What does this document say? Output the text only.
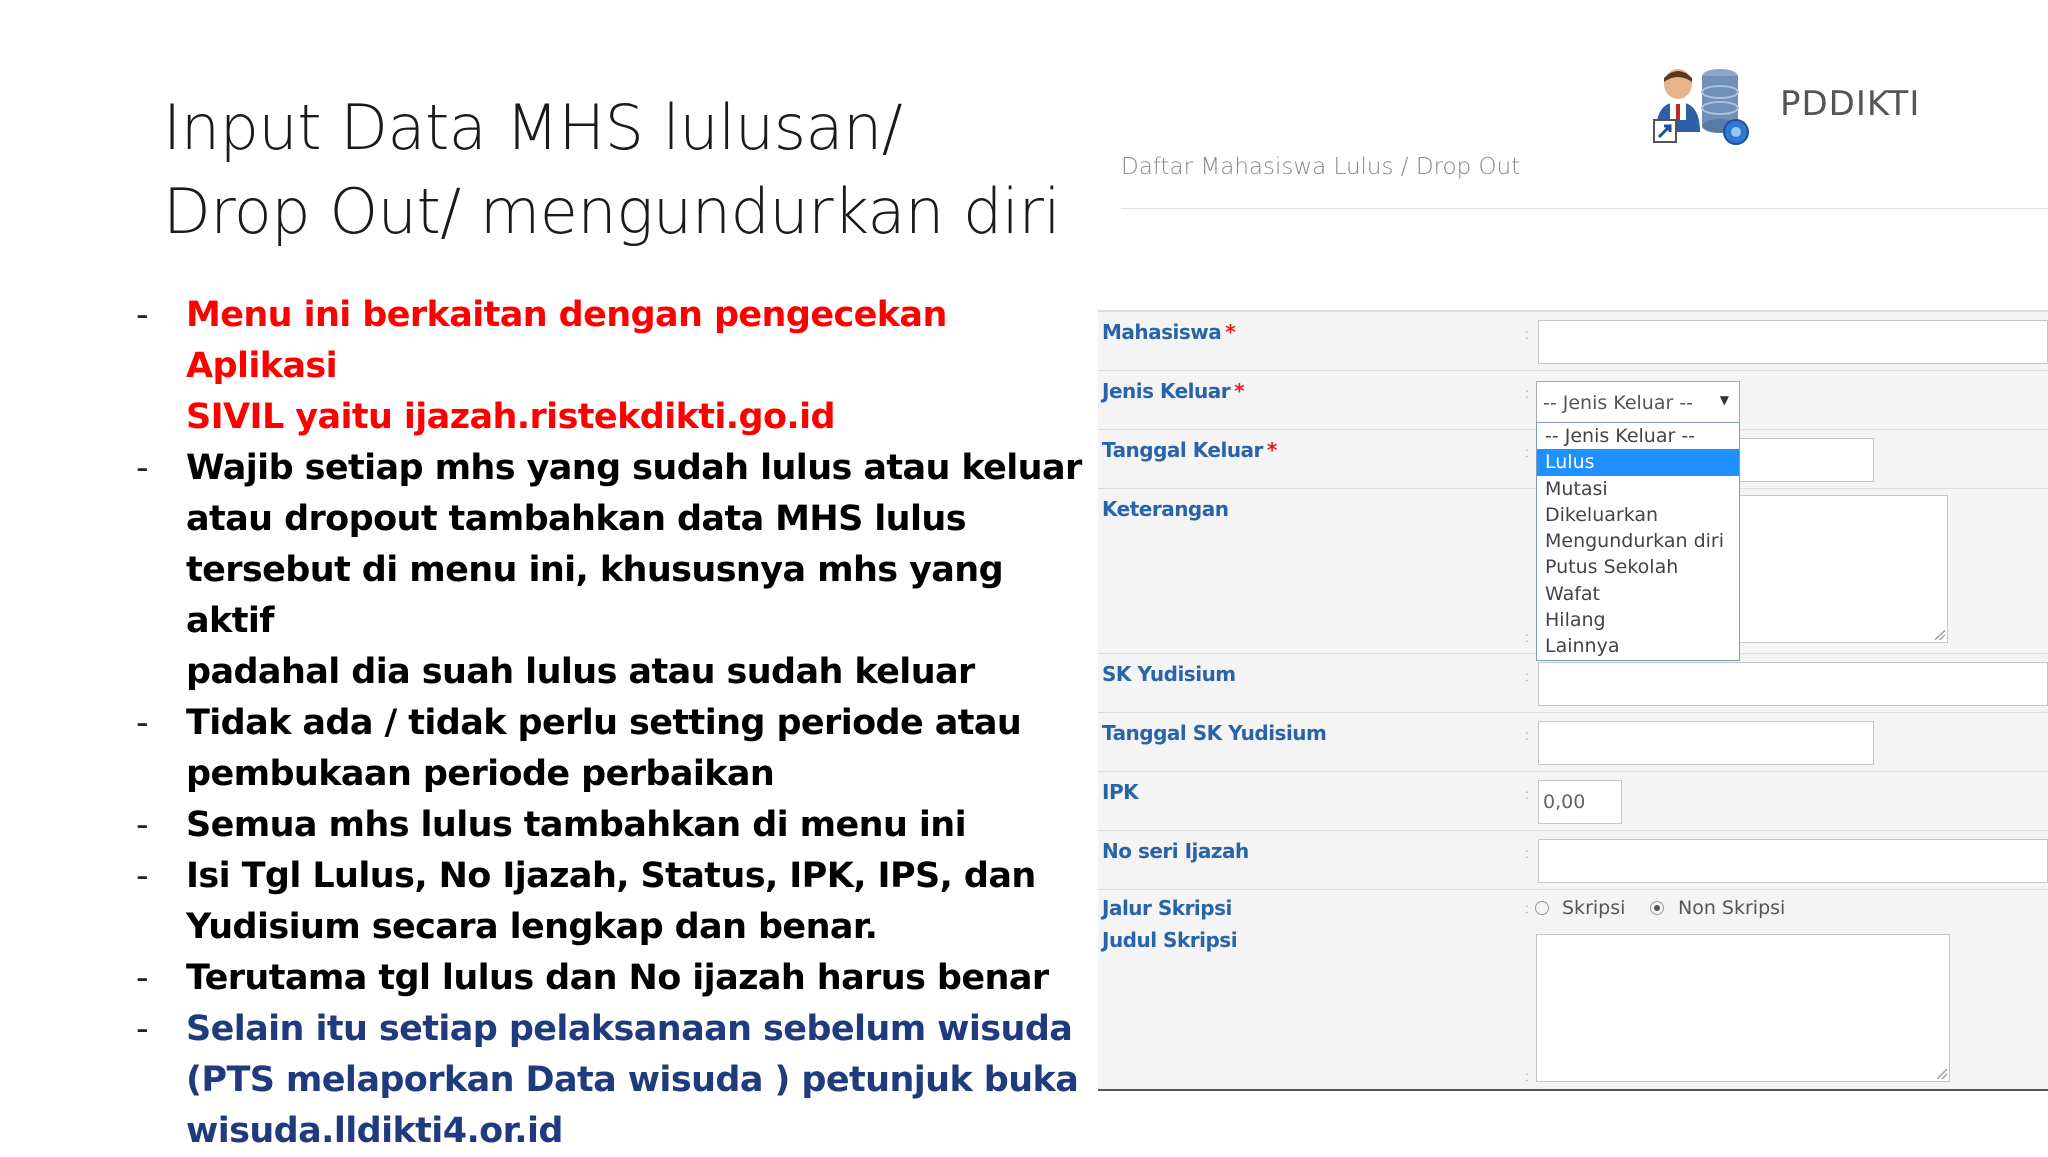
Input Data MHS lulusan/
Drop Out/ mengundurkan diri
- Menu ini berkaitan dengan pengecekan Aplikasi
SIVIL yaitu ijazah.ristekdikti.go.id
- Wajib setiap mhs yang sudah lulus atau keluar
atau dropout tambahkan data MHS lulus
tersebut di menu ini, khususnya mhs yang aktif
padahal dia suah lulus atau sudah keluar
- Tidak ada / tidak perlu setting periode atau
pembukaan periode perbaikan
- Semua mhs lulus tambahkan di menu ini
- Isi Tgl Lulus, No Ijazah, Status, IPK, IPS, dan
Yudisium secara lengkap dan benar.
- Terutama tgl lulus dan No ijazah harus benar
- Selain itu setiap pelaksanaan sebelum wisuda
(PTS melaporkan Data wisuda ) petunjuk buka
wisuda.lldikti4.or.id
PDDIKTI
Daftar Mahasiswa Lulus / Drop Out
Mahasiswa *	:
Jenis Keluar *	: -- Jenis Keluar -- ▼
Tanggal Keluar *	:
Keterangan
:
SK Yudisium	:
Tanggal SK Yudisium	:
IPK	: 0,00
No seri Ijazah	:
Jalur Skripsi	: Skripsi	Non Skripsi
Judul Skripsi
:
-- Jenis Keluar --
Lulus
Mutasi
Dikeluarkan
Mengundurkan diri
Putus Sekolah
Wafat
Hilang
Lainnya
